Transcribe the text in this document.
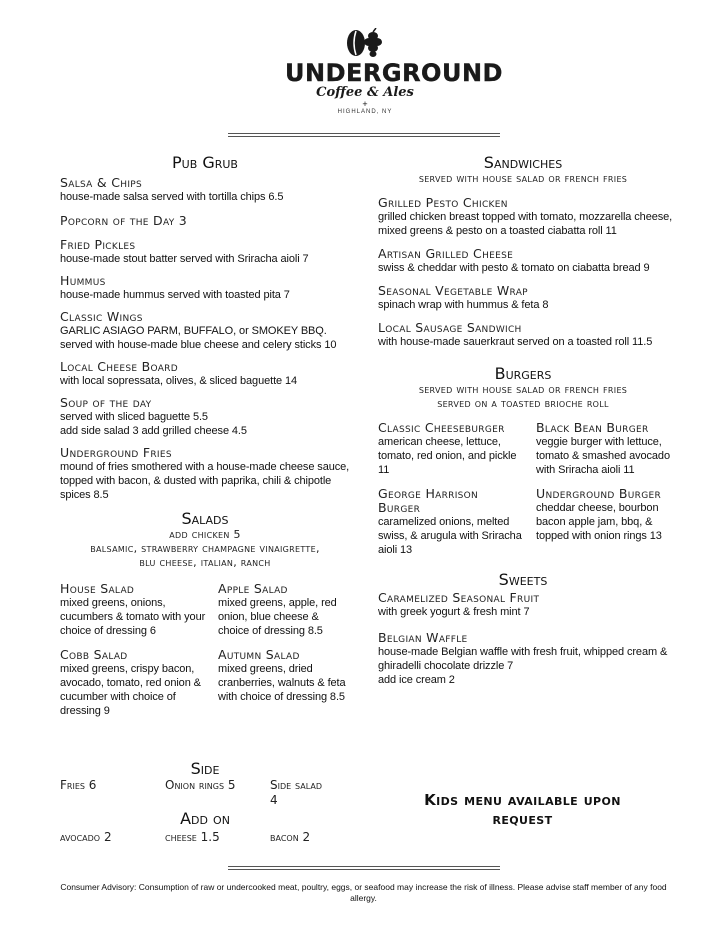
UNDERGROUND
Coffee & Ales
+
HIGHLAND, NY
Pub Grub
Salsa & Chips
house-made salsa served with tortilla chips 6.5
Popcorn of the Day 3
Fried Pickles
house-made stout batter served with Sriracha aioli 7
Hummus
house-made hummus served with toasted pita 7
Classic Wings
GARLIC ASIAGO PARM, BUFFALO, or SMOKEY BBQ. served with house-made blue cheese and celery sticks 10
Local Cheese Board
with local sopressata, olives, & sliced baguette 14
Soup of the day
served with sliced baguette 5.5
add side salad 3 add grilled cheese 4.5
Underground Fries
mound of fries smothered with a house-made cheese sauce, topped with bacon, & dusted with paprika, chili & chipotle spices 8.5
Salads
add chicken 5
balsamic, strawberry champagne vinaigrette,
blu cheese, italian, ranch
House Salad
mixed greens, onions, cucumbers & tomato with your choice of dressing 6
Apple Salad
mixed greens, apple, red onion, blue cheese & choice of dressing 8.5
Cobb Salad
mixed greens, crispy bacon, avocado, tomato, red onion & cucumber with choice of dressing 9
Autumn Salad
mixed greens, dried cranberries, walnuts & feta with choice of dressing 8.5
Side
Fries 6	Onion rings 5	Side salad
4
Add on
avocado 2	cheese 1.5	bacon 2
Sandwiches
served with house salad or french fries
Grilled Pesto Chicken
grilled chicken breast topped with tomato, mozzarella cheese, mixed greens & pesto on a toasted ciabatta roll 11
Artisan Grilled Cheese
swiss & cheddar with pesto & tomato on ciabatta bread 9
Seasonal Vegetable Wrap
spinach wrap with hummus & feta 8
Local Sausage Sandwich
with house-made sauerkraut served on a toasted roll 11.5
Burgers
served with house salad or french fries
served on a toasted brioche roll
Classic Cheeseburger
american cheese, lettuce, tomato, red onion, and pickle 11
Black Bean Burger
veggie burger with lettuce, tomato & smashed avocado with Sriracha aioli 11
George Harrison Burger
caramelized onions, melted swiss, & arugula with Sriracha aioli 13
Underground Burger
cheddar cheese, bourbon bacon apple jam, bbq, & topped with onion rings 13
Sweets
Caramelized Seasonal Fruit
with greek yogurt & fresh mint 7
Belgian Waffle
house-made Belgian waffle with fresh fruit, whipped cream & ghiradelli chocolate drizzle 7
add ice cream 2
Kids menu available upon request
Consumer Advisory: Consumption of raw or undercooked meat, poultry, eggs, or seafood may increase the risk of illness. Please advise staff member of any food allergy.
